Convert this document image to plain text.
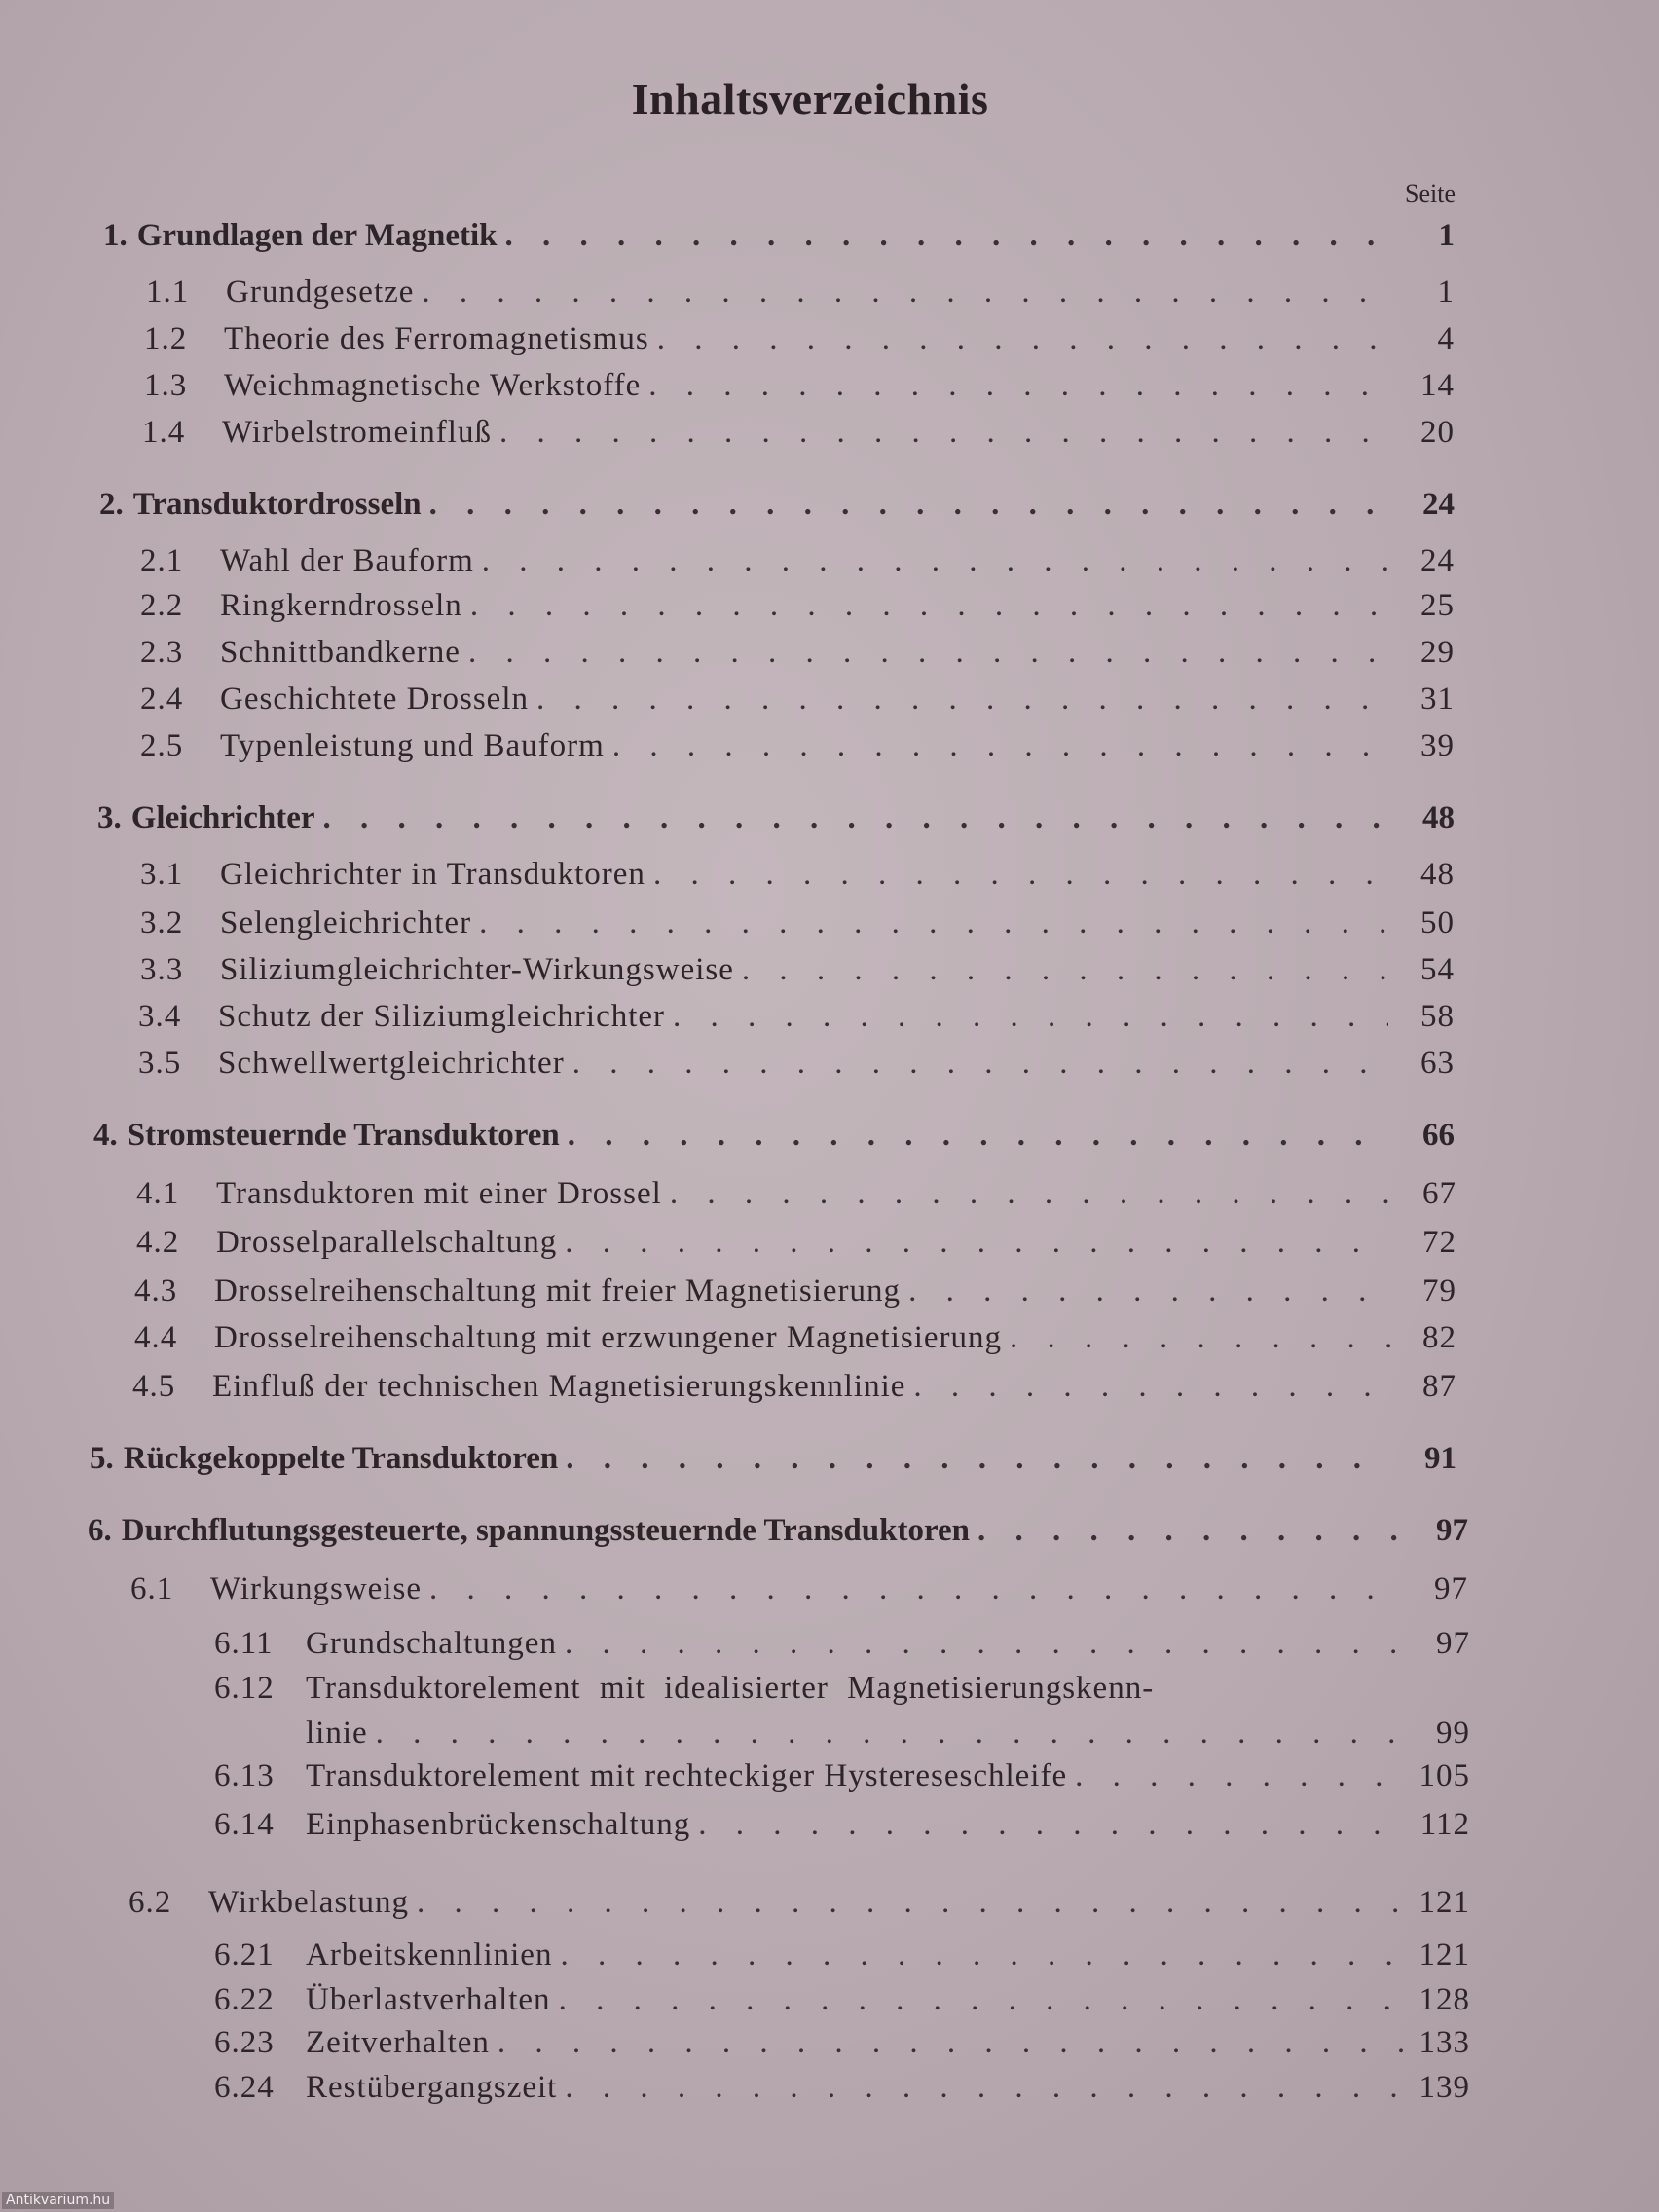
Inhaltsverzeichnis
Seite
1. Grundlagen der Magnetik . . .	1
1.1	Grundgesetze . . .	1
1.2	Theorie des Ferromagnetismus . . .	4
1.3	Weichmagnetische Werkstoffe . . .	14
1.4	Wirbelstromeinfluß . . .	20
2. Transduktordrosseln . . .	24
2.1	Wahl der Bauform . . .	24
2.2	Ringkerndrosseln . . .	25
2.3	Schnittbandkerne . . .	29
2.4	Geschichtete Drosseln . . .	31
2.5	Typenleistung und Bauform . . .	39
3. Gleichrichter . . .	48
3.1	Gleichrichter in Transduktoren . . .	48
3.2	Selengleichrichter . . .	50
3.3	Siliziumgleichrichter-Wirkungsweise . . .	54
3.4	Schutz der Siliziumgleichrichter . . .	58
3.5	Schwellwertgleichrichter . . .	63
4. Stromsteuernde Transduktoren . . .	66
4.1	Transduktoren mit einer Drossel . . .	67
4.2	Drosselparallelschaltung . . .	72
4.3	Drosselreihenschaltung mit freier Magnetisierung . . .	79
4.4	Drosselreihenschaltung mit erzwungener Magnetisierung . . .	82
4.5	Einfluß der technischen Magnetisierungskennlinie . . .	87
5. Rückgekoppelte Transduktoren . . .	91
6. Durchflutungsgesteuerte, spannungssteuernde Transduktoren . . .	97
6.1	Wirkungsweise . . .	97
6.11	Grundschaltungen . . .	97
6.12 Transduktorelement mit idealisierter Magnetisierungskenn-
linie . . .	99
6.13 Transduktorelement mit rechteckiger Hystereseschleife . . .	105
6.14 Einphasenbrückenschaltung . . .	112
6.2	Wirkbelastung . . .	121
6.21 Arbeitskennlinien . . .	121
6.22 Überlastverhalten . . .	128
6.23 Zeitverhalten . . .	133
6.24 Restübergangszeit . . .	139
Antikvarium.hu
